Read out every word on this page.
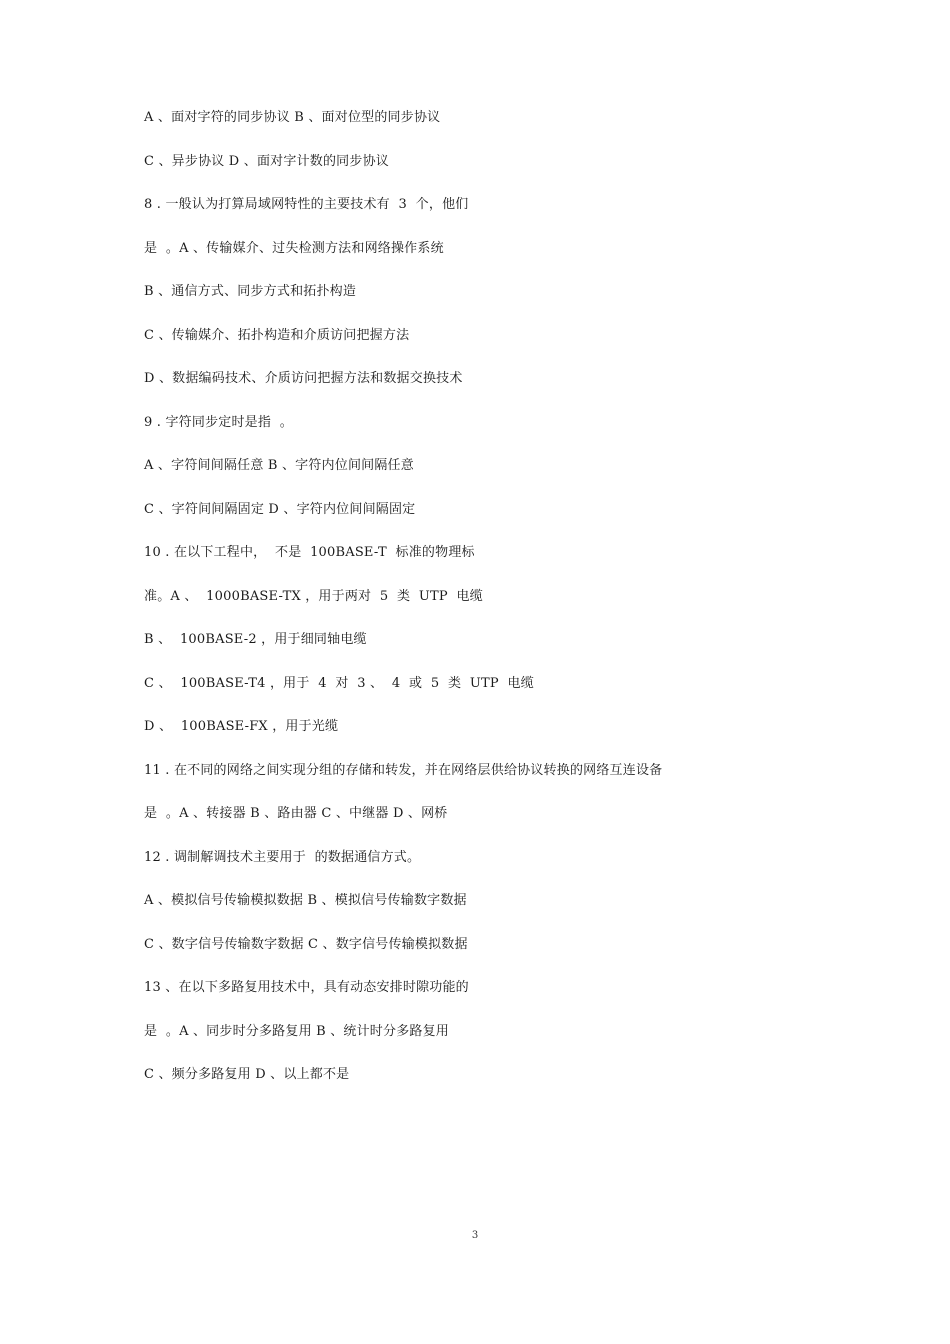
A 、面对字符的同步协议 B 、面对位型的同步协议
C 、异步协议 D 、面对字计数的同步协议
8 . 一般认为打算局域网特性的主要技术有  3  个，他们
是  。A 、传输媒介、过失检测方法和网络操作系统
B 、通信方式、同步方式和拓扑构造
C 、传输媒介、拓扑构造和介质访问把握方法
D 、数据编码技术、介质访问把握方法和数据交换技术
9 . 字符同步定时是指  。
A 、字符间间隔任意 B 、字符内位间间隔任意
C 、字符间间隔固定 D 、字符内位间间隔固定
10 . 在以下工程中，  不是  100BASE-T  标准的物理标
准。A 、  1000BASE-TX ，用于两对  5  类  UTP  电缆
B 、  100BASE-2 ，用于细同轴电缆
C 、  100BASE-T4 ，用于  4  对  3 、  4  或  5  类  UTP  电缆
D 、  100BASE-FX ，用于光缆
11 . 在不同的网络之间实现分组的存储和转发，并在网络层供给协议转换的网络互连设备
是  。A 、转接器 B 、路由器 C 、中继器 D 、网桥
12 . 调制解调技术主要用于  的数据通信方式。
A 、模拟信号传输模拟数据 B 、模拟信号传输数字数据
C 、数字信号传输数字数据 C 、数字信号传输模拟数据
13 、在以下多路复用技术中，具有动态安排时隙功能的
是  。A 、同步时分多路复用 B 、统计时分多路复用
C 、频分多路复用 D 、以上都不是
3
